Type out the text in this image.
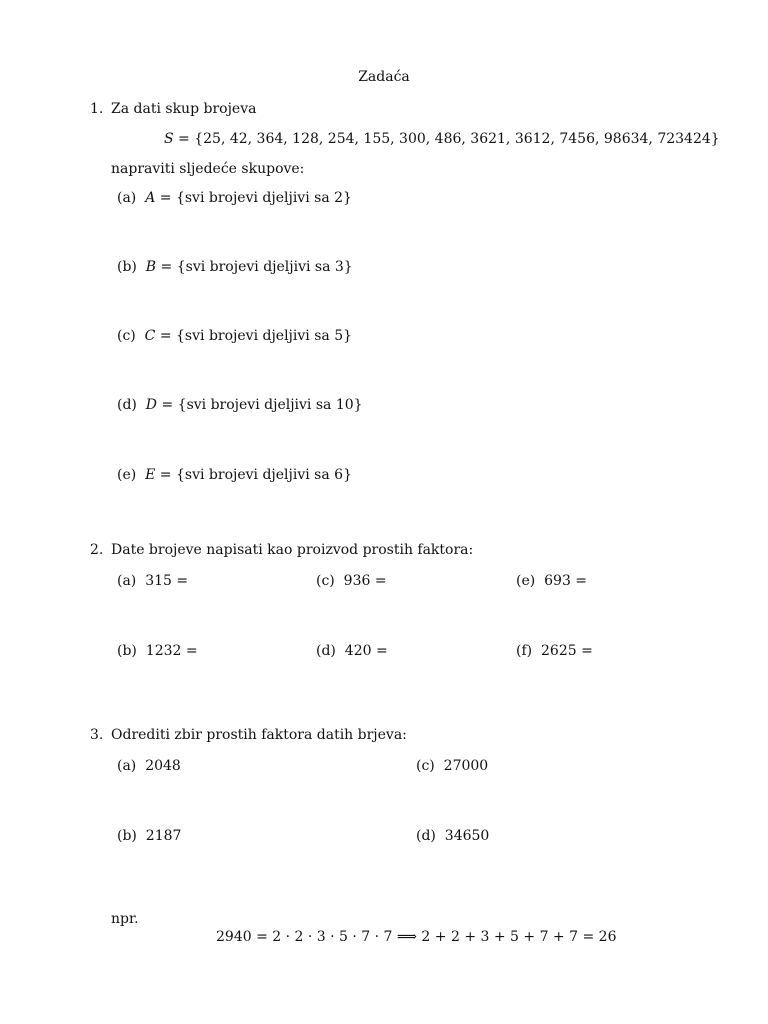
Zadaća
1. Za dati skup brojeva
S = {25, 42, 364, 128, 254, 155, 300, 486, 3621, 3612, 7456, 98634, 723424}
napraviti sljedeće skupove:
(a) A = {svi brojevi djeljivi sa 2}
(b) B = {svi brojevi djeljivi sa 3}
(c) C = {svi brojevi djeljivi sa 5}
(d) D = {svi brojevi djeljivi sa 10}
(e) E = {svi brojevi djeljivi sa 6}
2. Date brojeve napisati kao proizvod prostih faktora:
(a) 315 =	(c) 936 =	(e) 693 =
(b) 1232 =	(d) 420 =	(f) 2625 =
3. Odrediti zbir prostih faktora datih brjeva:
(a) 2048	(c) 27000
(b) 2187	(d) 34650
npr.
2940 = 2 · 2 · 3 · 5 · 7 · 7 ⟹ 2 + 2 + 3 + 5 + 7 + 7 = 26
